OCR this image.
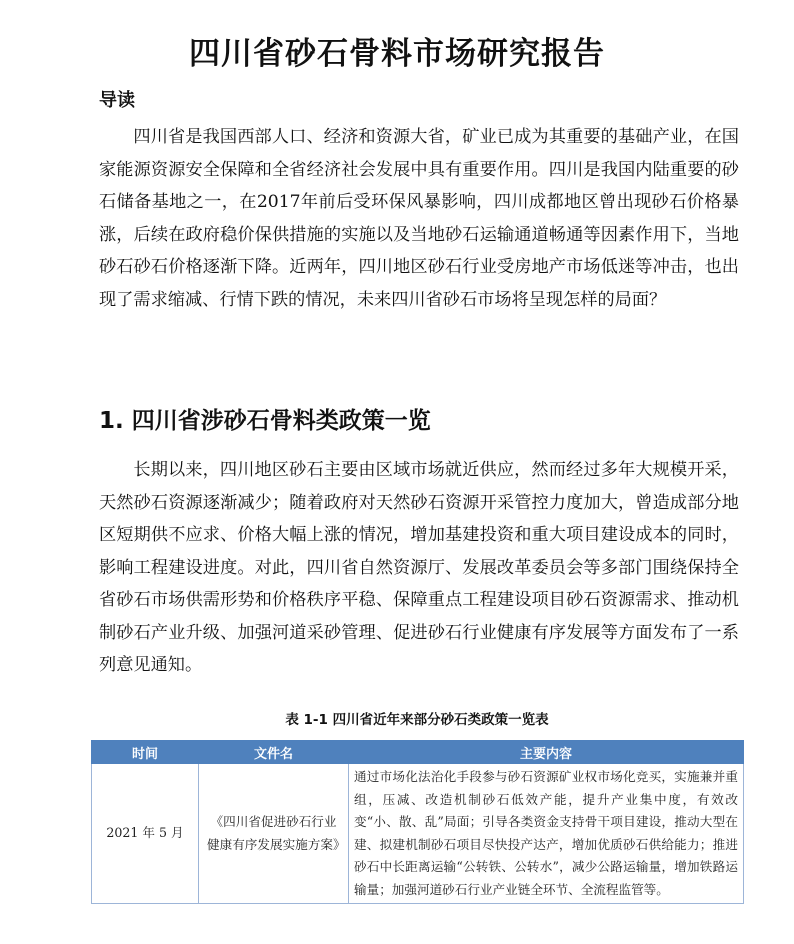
四川省砂石骨料市场研究报告
导读

四川省是我国西部人口、经济和资源大省，矿业已成为其重要的基础产业，在国家能源资源安全保障和全省经济社会发展中具有重要作用。四川是我国内陆重要的砂石储备基地之一，在2017年前后受环保风暴影响，四川成都地区曾出现砂石价格暴涨，后续在政府稳价保供措施的实施以及当地砂石运输通道畅通等因素作用下，当地砂石砂石价格逐渐下降。近两年，四川地区砂石行业受房地产市场低迷等冲击，也出现了需求缩减、行情下跌的情况，未来四川省砂石市场将呈现怎样的局面？

1. 四川省涉砂石骨料类政策一览

长期以来，四川地区砂石主要由区域市场就近供应，然而经过多年大规模开采，天然砂石资源逐渐减少；随着政府对天然砂石资源开采管控力度加大，曾造成部分地区短期供不应求、价格大幅上涨的情况，增加基建投资和重大项目建设成本的同时，影响工程建设进度。对此，四川省自然资源厅、发展改革委员会等多部门围绕保持全省砂石市场供需形势和价格秩序平稳、保障重点工程建设项目砂石资源需求、推动机制砂石产业升级、加强河道采砂管理、促进砂石行业健康有序发展等方面发布了一系列意见通知。

表 1-1 四川省近年来部分砂石类政策一览表
时间	文件名	主要内容
2021 年 5 月	《四川省促进砂石行业健康有序发展实施方案》	通过市场化法治化手段参与砂石资源矿业权市场化竞买，实施兼并重组，压减、改造机制砂石低效产能，提升产业集中度，有效改变“小、散、乱”局面；引导各类资金支持骨干项目建设，推动大型在建、拟建机制砂石项目尽快投产达产，增加优质砂石供给能力；推进砂石中长距离运输“公转铁、公转水”，减少公路运输量，增加铁路运输量；加强河道砂石行业产业链全环节、全流程监管等。
